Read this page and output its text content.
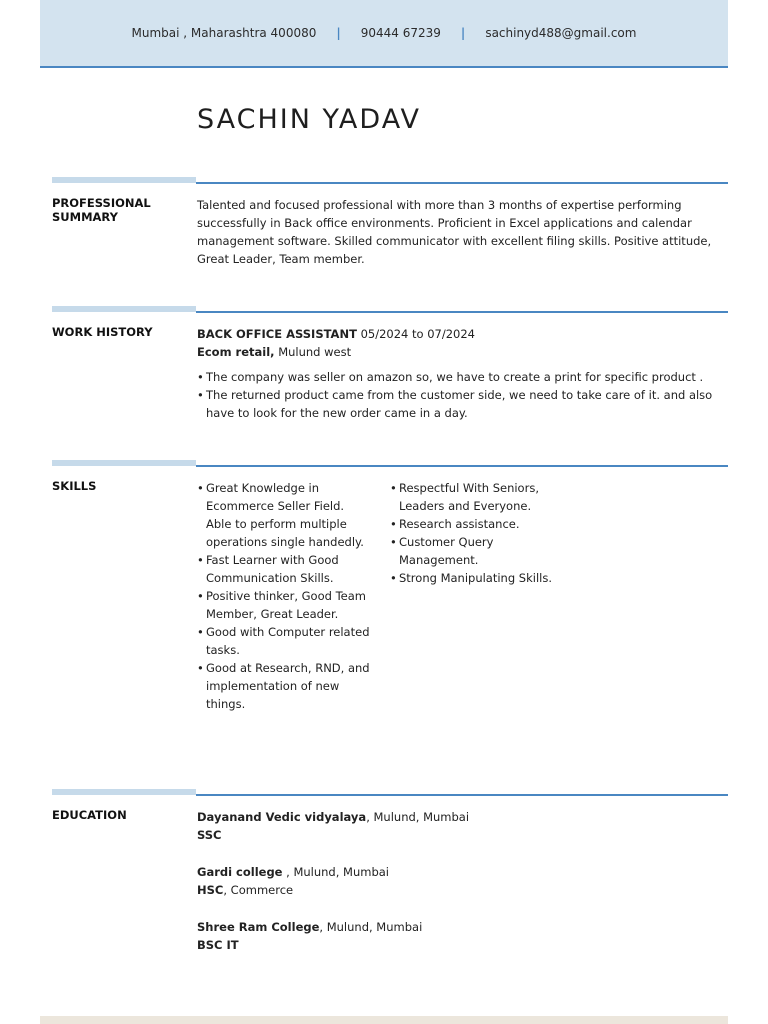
Mumbai , Maharashtra 400080 | 90444 67239 | sachinyd488@gmail.com
SACHIN YADAV
PROFESSIONAL SUMMARY
Talented and focused professional with more than 3 months of expertise performing successfully in Back office environments. Proficient in Excel applications and calendar management software. Skilled communicator with excellent filing skills. Positive attitude, Great Leader, Team member.
WORK HISTORY	BACK OFFICE ASSISTANT 05/2024 to 07/2024
Ecom retail, Mulund west
• The company was seller on amazon so, we have to create a print for specific product .
• The returned product came from the customer side, we need to take care of it. and also have to look for the new order came in a day.
SKILLS
•	Great Knowledge in Ecommerce Seller Field. Able to perform multiple operations single handedly.
• Fast Learner with Good Communication Skills.
• Positive thinker, Good Team Member, Great Leader.
• Good with Computer related tasks.
• Good at Research, RND, and implementation of new things.
• Respectful With Seniors, Leaders and Everyone.
• Research assistance.
• Customer Query Management.
• Strong Manipulating Skills.
EDUCATION	Dayanand Vedic vidyalaya, Mulund, Mumbai
SSC
Gardi college , Mulund, Mumbai
HSC, Commerce
Shree Ram College, Mulund, Mumbai
BSC IT
